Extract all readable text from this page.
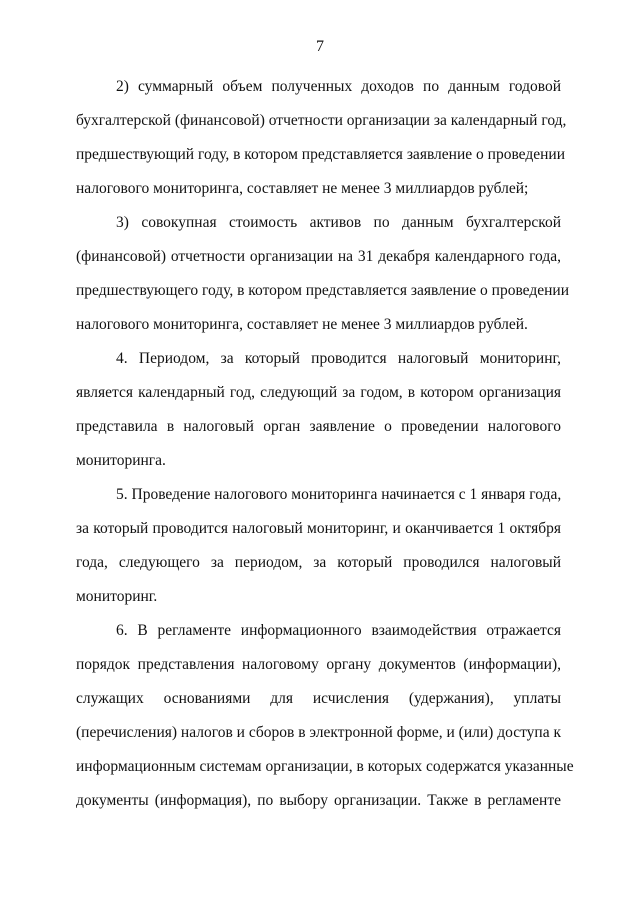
7
2) суммарный объем полученных доходов по данным годовой
бухгалтерской (финансовой) отчетности организации за календарный год,
предшествующий году, в котором представляется заявление о проведении
налогового мониторинга, составляет не менее 3 миллиардов рублей;
3) совокупная стоимость активов по данным бухгалтерской
(финансовой) отчетности организации на 31 декабря календарного года,
предшествующего году, в котором представляется заявление о проведении
налогового мониторинга, составляет не менее 3 миллиардов рублей.
4. Периодом, за который проводится налоговый мониторинг,
является календарный год, следующий за годом, в котором организация
представила в налоговый орган заявление о проведении налогового
мониторинга.
5. Проведение налогового мониторинга начинается с 1 января года,
за который проводится налоговый мониторинг, и оканчивается 1 октября
года, следующего за периодом, за который проводился налоговый
мониторинг.
6. В регламенте информационного взаимодействия отражается
порядок представления налоговому органу документов (информации),
служащих основаниями для исчисления (удержания), уплаты
(перечисления) налогов и сборов в электронной форме, и (или) доступа к
информационным системам организации, в которых содержатся указанные
документы (информация), по выбору организации. Также в регламенте
